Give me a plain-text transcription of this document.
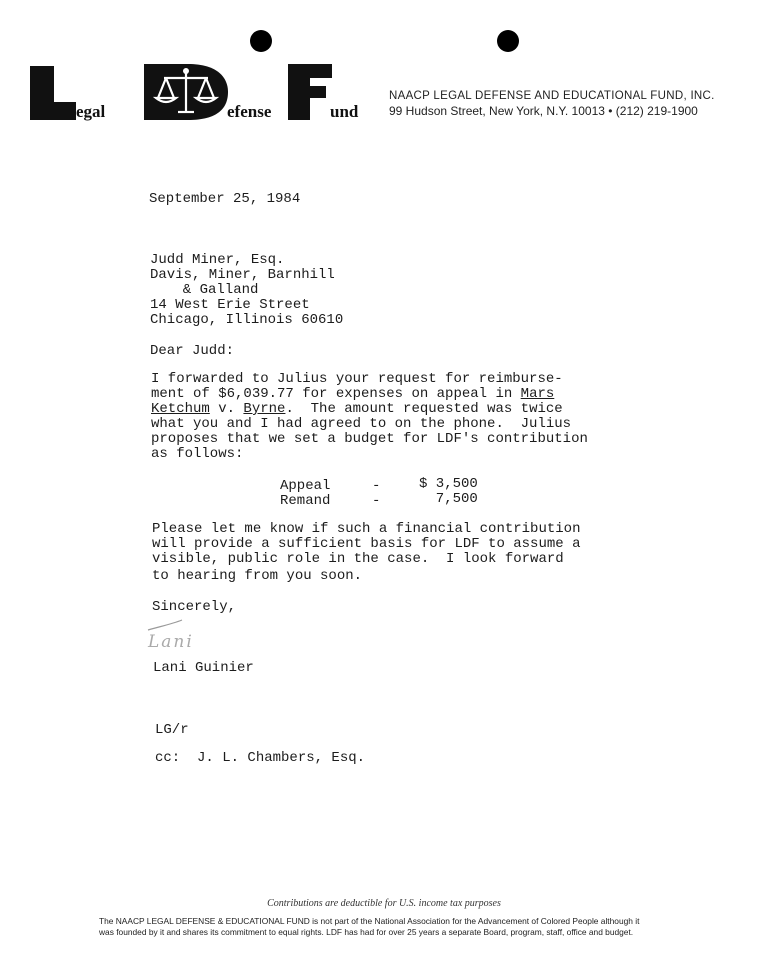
egal	efense	und
NAACP LEGAL DEFENSE AND EDUCATIONAL FUND, INC.
99 Hudson Street, New York, N.Y. 10013 • (212) 219-1900
September 25, 1984
Judd Miner, Esq.
Davis, Miner, Barnhill
& Galland
14 West Erie Street
Chicago, Illinois 60610
Dear Judd:
I forwarded to Julius your request for reimburse-
ment of $6,039.77 for expenses on appeal in Mars
Ketchum v. Byrne.  The amount requested was twice
what you and I had agreed to on the phone.  Julius
proposes that we set a budget for LDF's contribution
as follows:
Appeal	-	$ 3,500
Remand	-	7,500
Please let me know if such a financial contribution
will provide a sufficient basis for LDF to assume a
visible, public role in the case.  I look forward
to hearing from you soon.
Sincerely,
Lani
Lani Guinier
LG/r
cc:  J. L. Chambers, Esq.
Contributions are deductible for U.S. income tax purposes
The NAACP LEGAL DEFENSE & EDUCATIONAL FUND is not part of the National Association for the Advancement of Colored People although it
was founded by it and shares its commitment to equal rights. LDF has had for over 25 years a separate Board, program, staff, office and budget.
